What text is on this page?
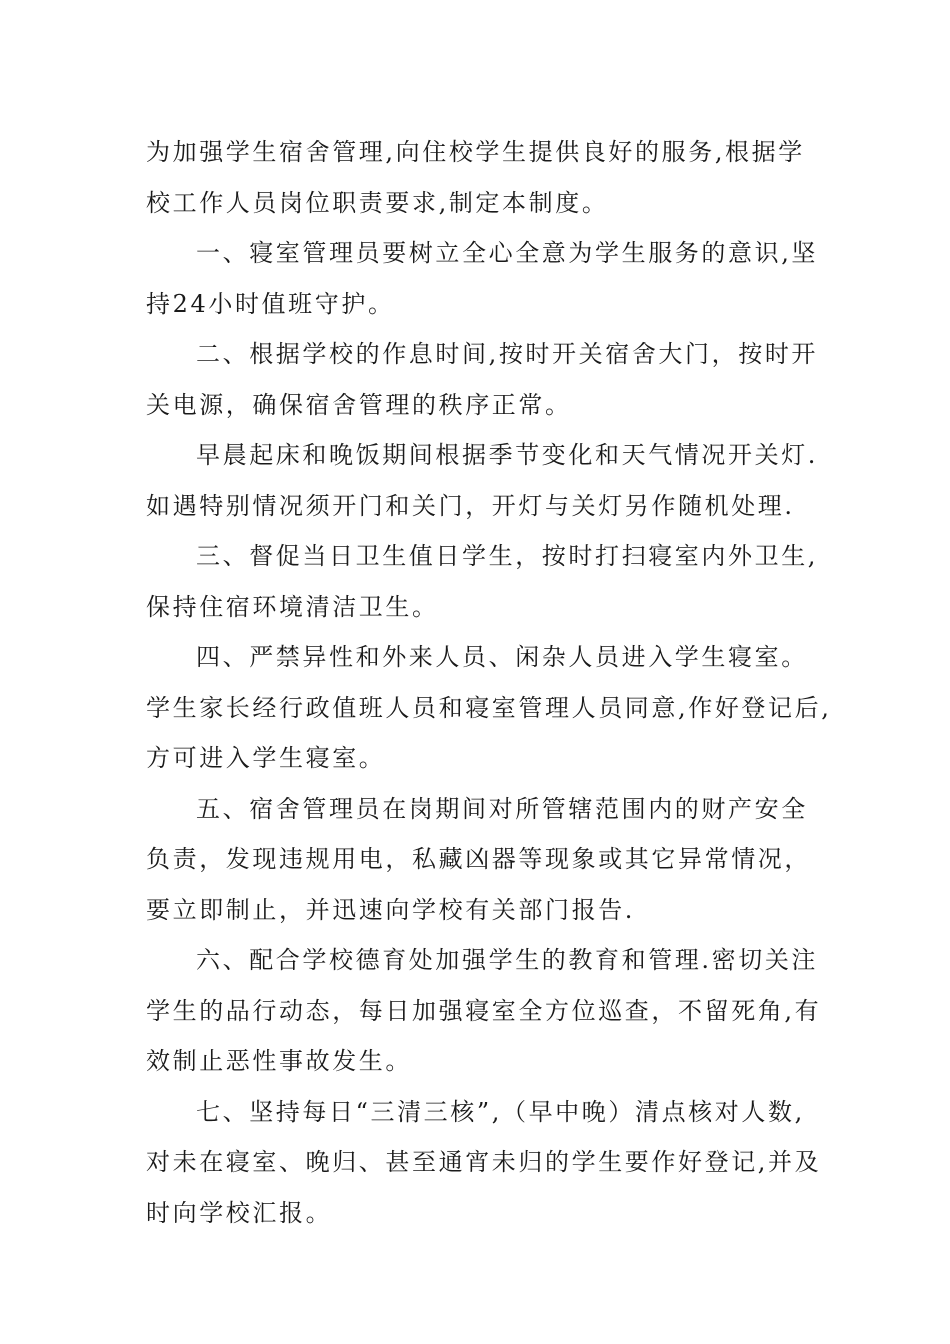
为加强学生宿舍管理,向住校学生提供良好的服务,根据学
校工作人员岗位职责要求,制定本制度。
一、寝室管理员要树立全心全意为学生服务的意识,坚
持24小时值班守护。
二、根据学校的作息时间,按时开关宿舍大门，按时开
关电源，确保宿舍管理的秩序正常。
早晨起床和晚饭期间根据季节变化和天气情况开关灯.
如遇特别情况须开门和关门，开灯与关灯另作随机处理.
三、督促当日卫生值日学生，按时打扫寝室内外卫生,
保持住宿环境清洁卫生。
四、严禁异性和外来人员、闲杂人员进入学生寝室。
学生家长经行政值班人员和寝室管理人员同意,作好登记后,
方可进入学生寝室。
五、宿舍管理员在岗期间对所管辖范围内的财产安全
负责，发现违规用电，私藏凶器等现象或其它异常情况，
要立即制止，并迅速向学校有关部门报告.
六、配合学校德育处加强学生的教育和管理.密切关注
学生的品行动态，每日加强寝室全方位巡查，不留死角,有
效制止恶性事故发生。
七、坚持每日“三清三核”,（早中晚）清点核对人数,
对未在寝室、晚归、甚至通宵未归的学生要作好登记,并及
时向学校汇报。
